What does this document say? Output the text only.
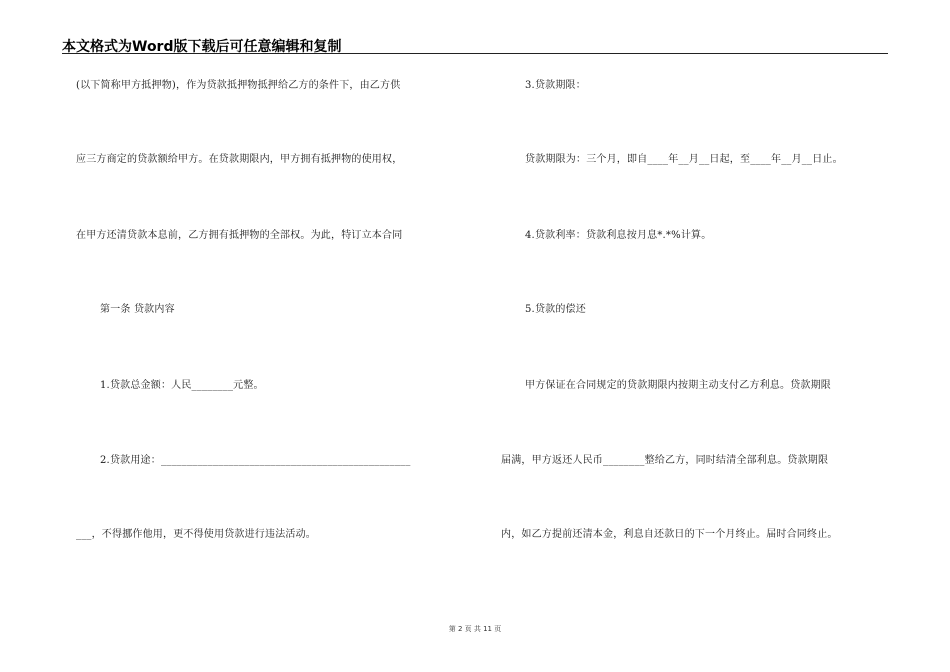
本文格式为Word版下载后可任意编辑和复制
(以下简称甲方抵押物)，作为贷款抵押物抵押给乙方的条件下，由乙方供
应三方商定的贷款额给甲方。在贷款期限内，甲方拥有抵押物的使用权，
在甲方还清贷款本息前，乙方拥有抵押物的全部权。为此，特订立本合同
第一条 贷款内容
1.贷款总金额：人民________元整。
2.贷款用途：________________________________________________
___，不得挪作他用，更不得使用贷款进行违法活动。
3.贷款期限：
贷款期限为：三个月，即自____年__月__日起，至____年__月__日止。
4.贷款利率：贷款利息按月息*.*%计算。
5.贷款的偿还
甲方保证在合同规定的贷款期限内按期主动支付乙方利息。贷款期限
届满，甲方返还人民币________整给乙方，同时结清全部利息。贷款期限
内，如乙方提前还清本金，利息自还款日的下一个月终止。届时合同终止。
第 2 页 共 11 页
